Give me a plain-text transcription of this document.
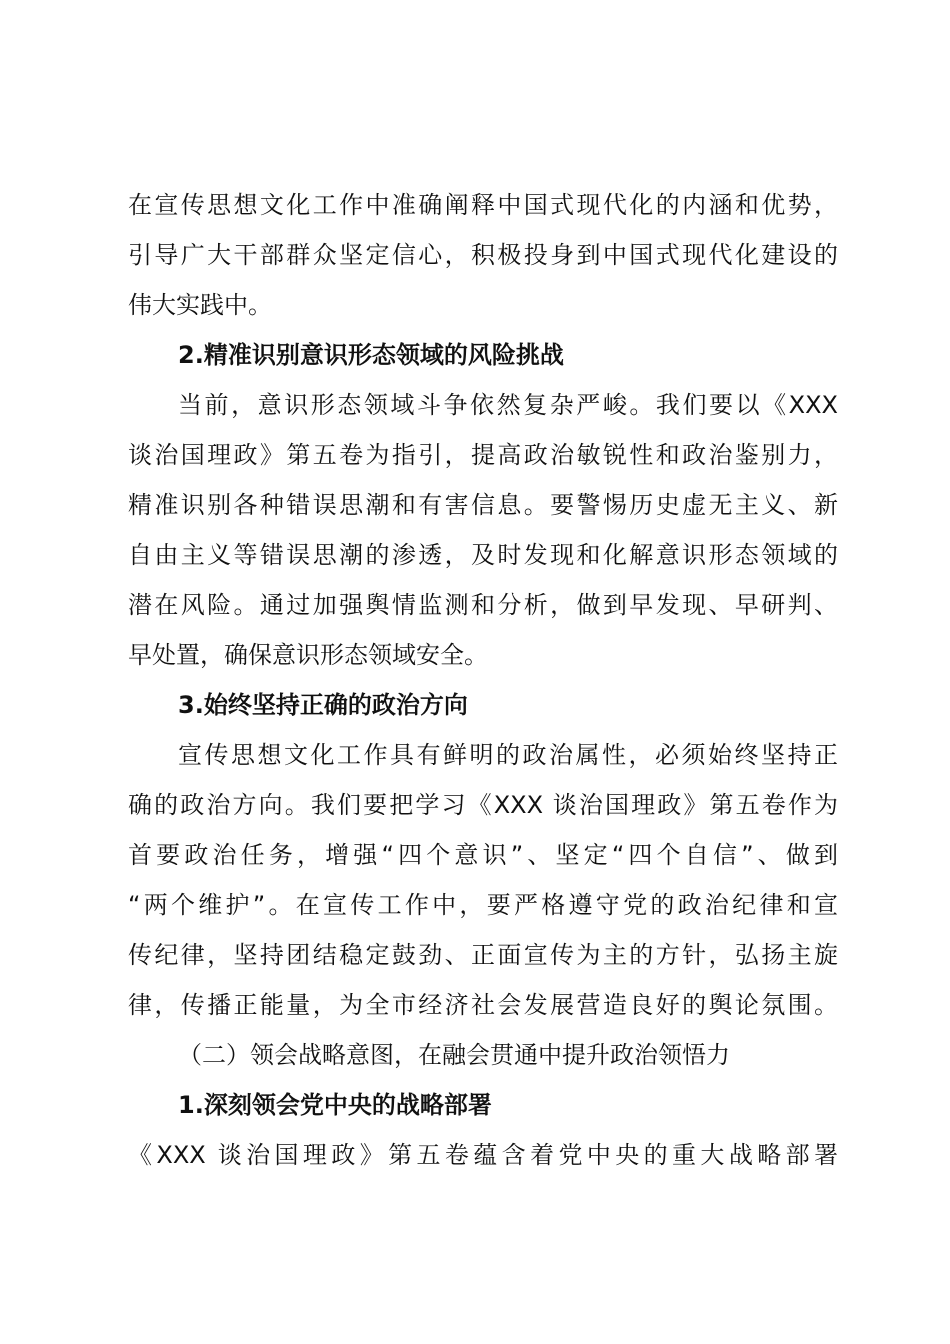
在宣传思想文化工作中准确阐释中国式现代化的内涵和优势，
引导广大干部群众坚定信心，积极投身到中国式现代化建设的
伟大实践中。
2.精准识别意识形态领域的风险挑战
当前，意识形态领域斗争依然复杂严峻。我们要以《XXX
谈治国理政》第五卷为指引，提高政治敏锐性和政治鉴别力，
精准识别各种错误思潮和有害信息。要警惕历史虚无主义、新
自由主义等错误思潮的渗透，及时发现和化解意识形态领域的
潜在风险。通过加强舆情监测和分析，做到早发现、早研判、
早处置，确保意识形态领域安全。
3.始终坚持正确的政治方向
宣传思想文化工作具有鲜明的政治属性，必须始终坚持正
确的政治方向。我们要把学习《XXX 谈治国理政》第五卷作为
首要政治任务，增强“四个意识”、坚定“四个自信”、做到
“两个维护”。在宣传工作中，要严格遵守党的政治纪律和宣
传纪律，坚持团结稳定鼓劲、正面宣传为主的方针，弘扬主旋
律，传播正能量，为全市经济社会发展营造良好的舆论氛围。
（二）领会战略意图，在融会贯通中提升政治领悟力
1.深刻领会党中央的战略部署
《XXX 谈治国理政》第五卷蕴含着党中央的重大战略部署
